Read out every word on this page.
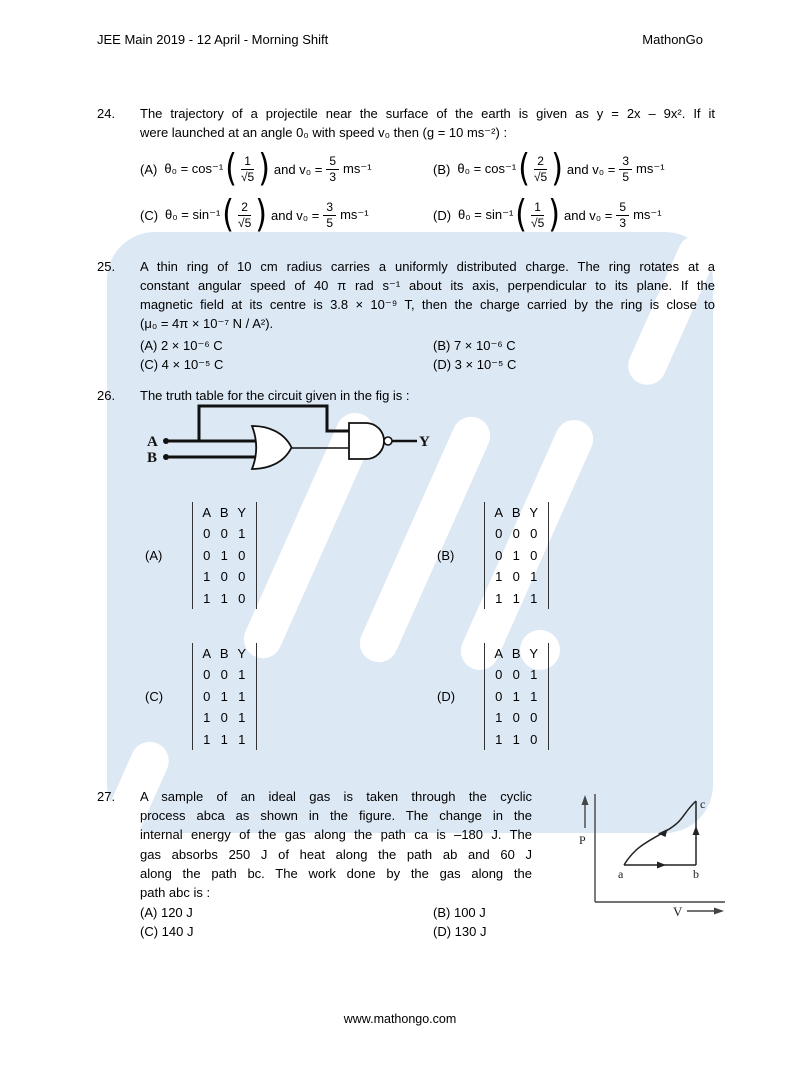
JEE Main 2019 - 12 April - Morning Shift	MathonGo
24. The trajectory of a projectile near the surface of the earth is given as y = 2x – 9x². If it
were launched at an angle 0₀ with speed v₀ then (g = 10 ms⁻²) :
(A) θ₀ = cos⁻¹ ( $\frac{1}{√5}$ ) and $v_0 = \frac{5}{3} ms^{-1}$	(B) θ₀ = cos⁻¹ ( $\frac{2}{√5}$ ) and $v_0 = \frac{3}{5} ms^{-1}$
(C) θ₀ = sin⁻¹ ( $\frac{2}{√5}$ ) and $v_0 = \frac{3}{5} ms^{-1}$	(D) θ₀ = sin⁻¹ ( $\frac{1}{√5}$ ) and $v_0 = \frac{5}{3} ms^{-1}$
25. A thin ring of 10 cm radius carries a uniformly distributed charge. The ring rotates at a
constant angular speed of 40 π rad s⁻¹ about its axis, perpendicular to its plane. If the
magnetic field at its centre is 3.8 × 10⁻⁹ T, then the charge carried by the ring is close to
(μ₀ = 4π × 10⁻⁷ N / A²).
(A) 2 × 10⁻⁶ C	(B) 7 × 10⁻⁶ C
(C) 4 × 10⁻⁵ C	(D) 3 × 10⁻⁵ C
26. The truth table for the circuit given in the fig is :
A
B
Y
(A)
A B Y
0 0 1
0 1 0
1 0 0
1 1 0
(B)
A B Y
0 0 0
0 1 0
1 0 1
1 1 1
(C)
A B Y
0 0 1
0 1 1
1 0 1
1 1 1
(D)
A B Y
0 0 1
0 1 1
1 0 0
1 1 0
27. A sample of an ideal gas is taken through the cyclic
process abca as shown in the figure. The change in the
internal energy of the gas along the path ca is –180 J. The
gas absorbs 250 J of heat along the path ab and 60 J
along the path bc. The work done by the gas along the
path abc is :
(A) 120 J	(B) 100 J
(C) 140 J	(D) 130 J
P
V
a	b
c
www.mathongo.com
